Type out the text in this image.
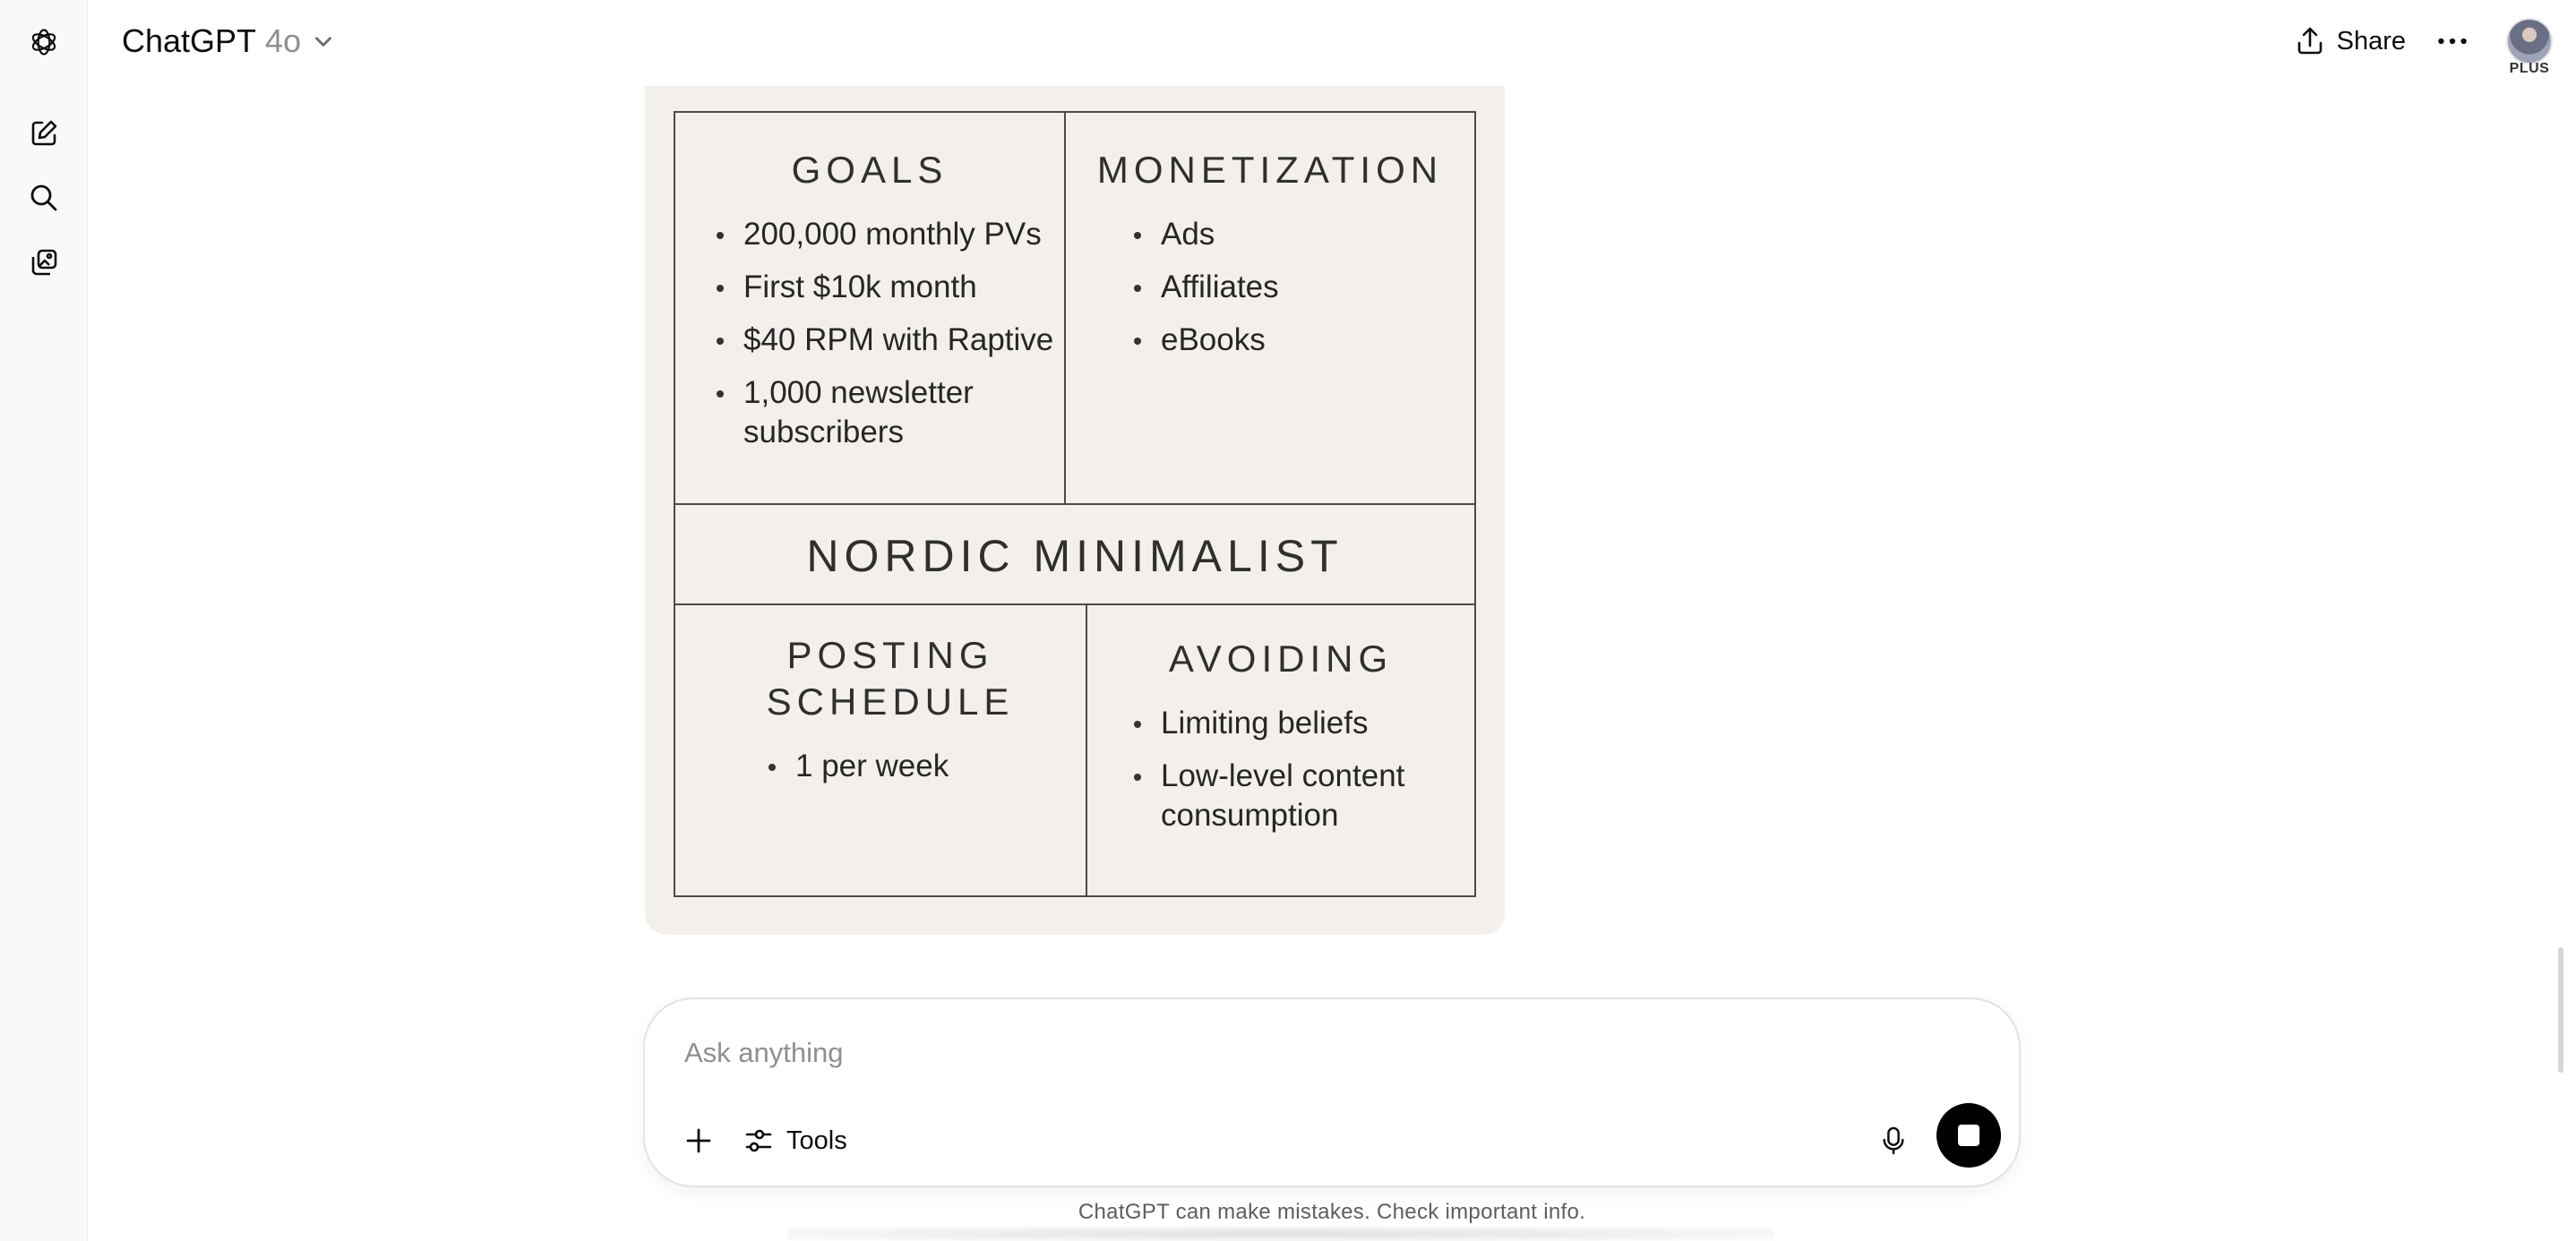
ChatGPT 4o	Share
PLUS
GOALS
200,000 monthly PVs
First $10k month
$40 RPM with Raptive
1,000 newsletter subscribers
MONETIZATION
Ads
Affiliates
eBooks
NORDIC MINIMALIST
POSTING SCHEDULE
1 per week
AVOIDING
Limiting beliefs
Low-level content consumption
Ask anything
Tools
ChatGPT can make mistakes. Check important info.
